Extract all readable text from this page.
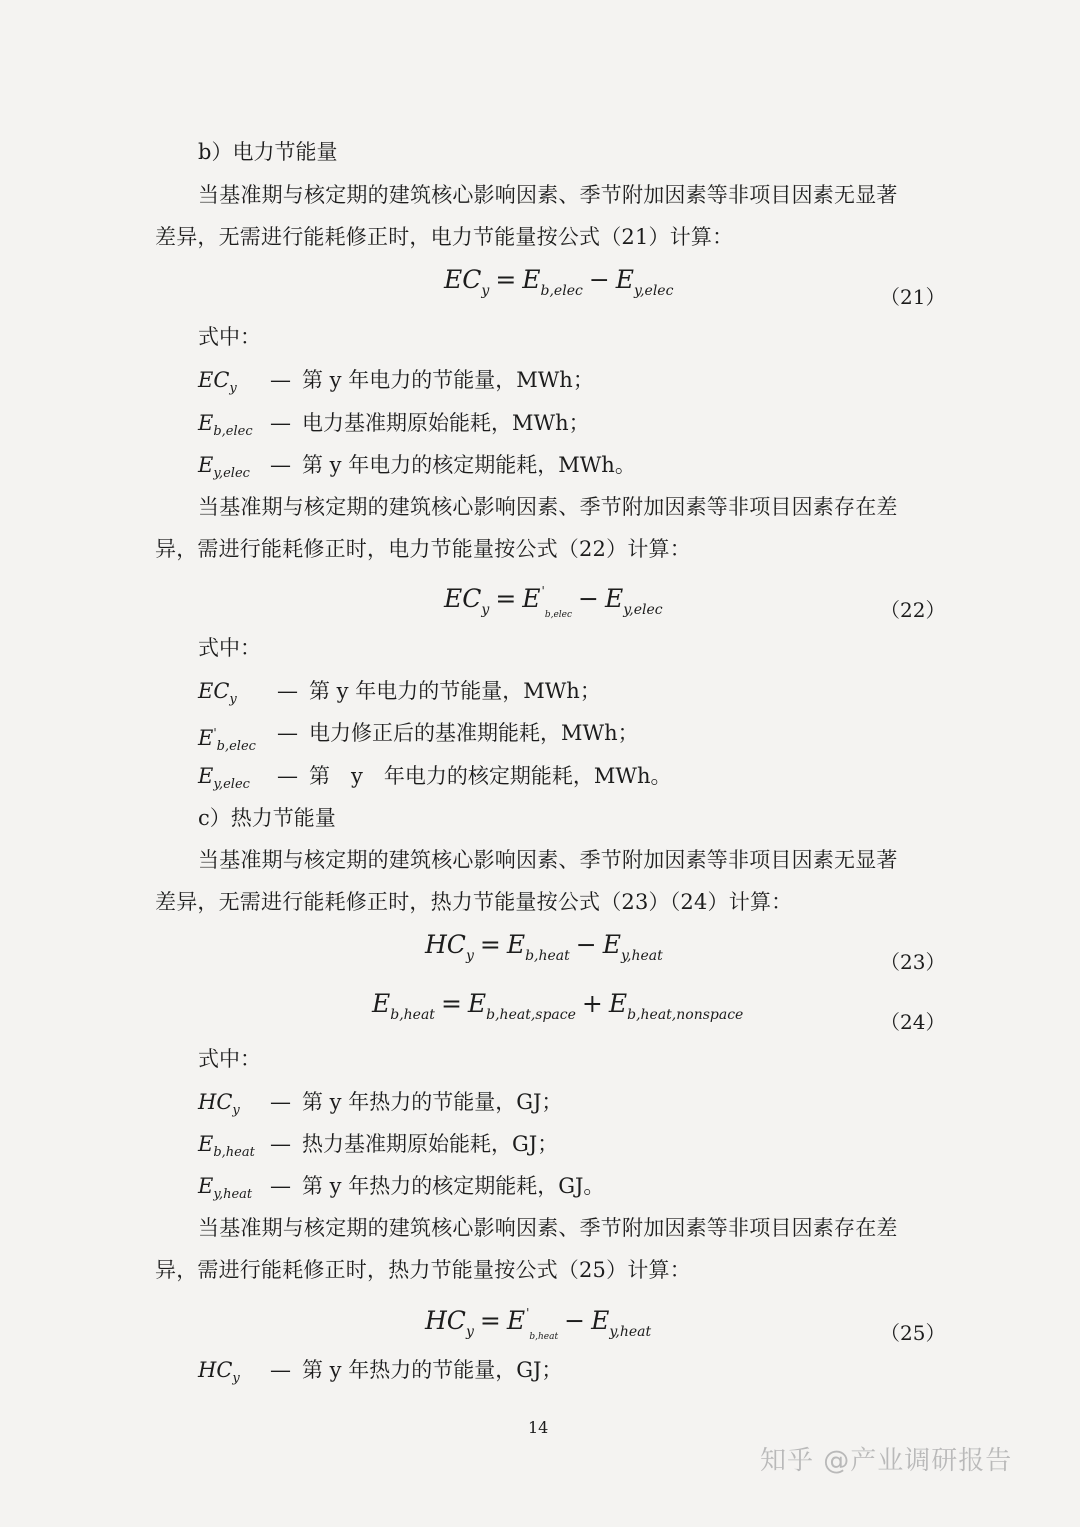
b）电力节能量
当基准期与核定期的建筑核心影响因素、季节附加因素等非项目因素无显著
差异，无需进行能耗修正时，电力节能量按公式（21）计算：
$EC_y = E_{b,elec} - E_{y,elec}$	（21）
式中：
$EC_y$ — 第 y 年电力的节能量，MWh；
$E_{b,elec}$ — 电力基准期原始能耗，MWh；
$E_{y,elec}$ — 第 y 年电力的核定期能耗，MWh。
当基准期与核定期的建筑核心影响因素、季节附加因素等非项目因素存在差
异，需进行能耗修正时，电力节能量按公式（22）计算：
$EC_y = E'_{b,elec}- E_{y,elec}$	（22）
式中：
$EC_y$ — 第 y 年电力的节能量，MWh；
$E'_{b,elec}$
— 电力修正后的基准期能耗，MWh；
$E_{y,elec}$ — 第　y　年电力的核定期能耗，MWh。
c）热力节能量
当基准期与核定期的建筑核心影响因素、季节附加因素等非项目因素无显著
差异，无需进行能耗修正时，热力节能量按公式（23）（24）计算：
$HC_y = E_{b,heat} - E_{y,heat}$	（23）
$E_{b,heat} = E_{b,heat,space} + E_{b,heat,nonspace}$	（24）
式中：
$HC_y$ — 第 y 年热力的节能量，GJ；
$E_{b,heat}$ — 热力基准期原始能耗，GJ；
$E_{y,heat}$ — 第 y 年热力的核定期能耗，GJ。
当基准期与核定期的建筑核心影响因素、季节附加因素等非项目因素存在差
异，需进行能耗修正时，热力节能量按公式（25）计算：
$HC_y = E'_{b,heat}- E_{y,heat}$	（25）
$HC_y$ — 第 y 年热力的节能量，GJ；
14
知乎 @产业调研报告
